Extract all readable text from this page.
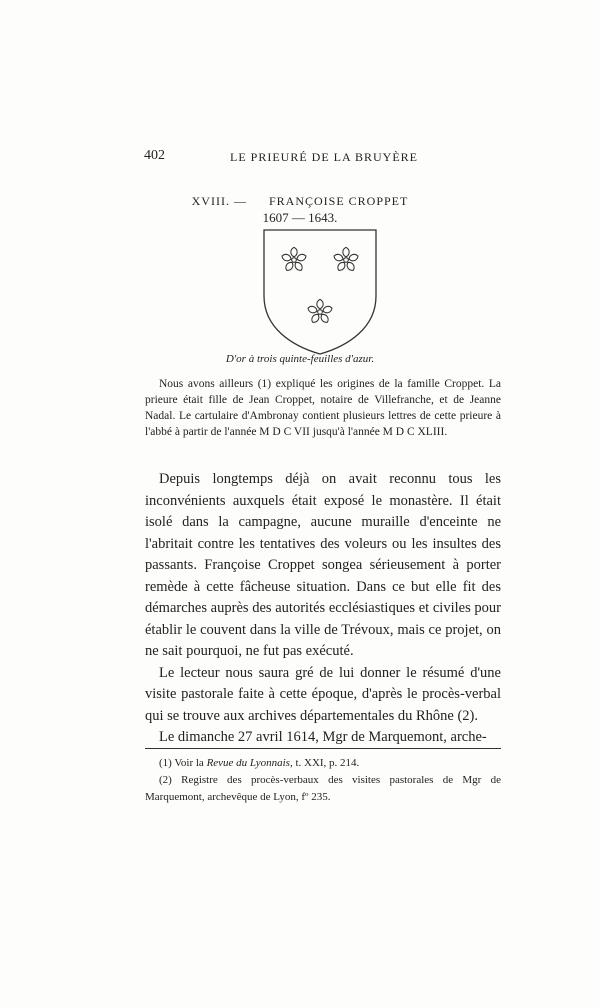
402	LE PRIEURÉ DE LA BRUYÈRE
XVIII. — FRANÇOISE CROPPET
1607 — 1643.
D'or à trois quinte-feuilles d'azur.

Nous avons ailleurs (1) expliqué les origines de la famille Croppet. La prieure était fille de Jean Croppet, notaire de Villefranche, et de Jeanne Nadal. Le cartulaire d'Ambronay contient plusieurs lettres de cette prieure à l'abbé à partir de l'année M D C VII jusqu'à l'année M D C XLIII.

Depuis longtemps déjà on avait reconnu tous les inconvénients auxquels était exposé le monastère. Il était isolé dans la campagne, aucune muraille d'enceinte ne l'abritait contre les tentatives des voleurs ou les insultes des passants. Françoise Croppet songea sérieusement à porter remède à cette fâcheuse situation. Dans ce but elle fit des démarches auprès des autorités ecclésiastiques et civiles pour établir le couvent dans la ville de Trévoux, mais ce projet, on ne sait pourquoi, ne fut pas exécuté.

Le lecteur nous saura gré de lui donner le résumé d'une visite pastorale faite à cette époque, d'après le procès-verbal qui se trouve aux archives départementales du Rhône (2).

Le dimanche 27 avril 1614, Mgr de Marquemont, arche-

(1) Voir la Revue du Lyonnais, t. XXI, p. 214.

(2) Registre des procès-verbaux des visites pastorales de Mgr de Marquemont, archevêque de Lyon, fº 235.
